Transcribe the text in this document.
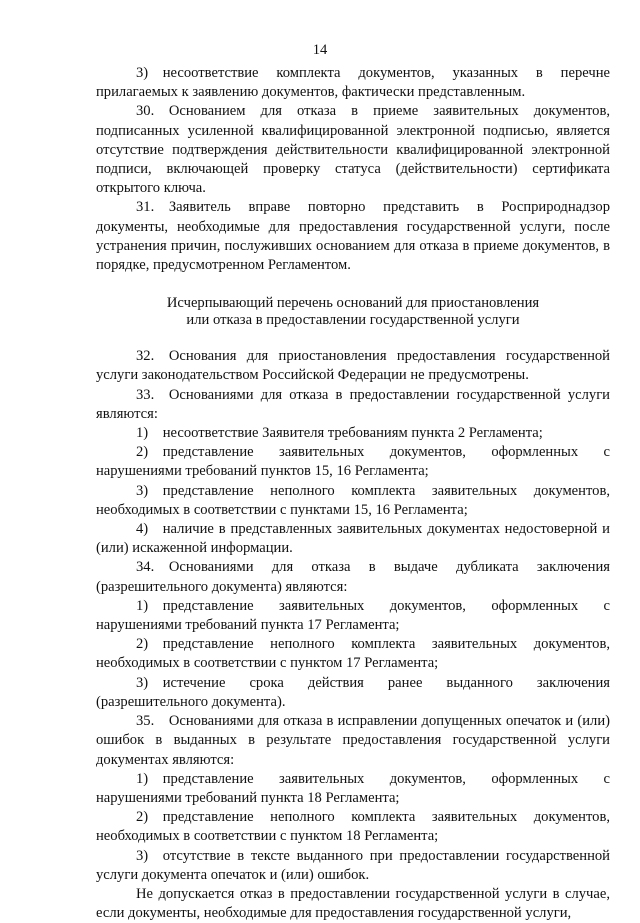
14

3) несоответствие комплекта документов, указанных в перечне прилагаемых к заявлению документов, фактически представленным.

30. Основанием для отказа в приеме заявительных документов, подписанных усиленной квалифицированной электронной подписью, является отсутствие подтверждения действительности квалифицированной электронной подписи, включающей проверку статуса (действительности) сертификата открытого ключа.

31. Заявитель вправе повторно представить в Росприроднадзор документы, необходимые для предоставления государственной услуги, после устранения причин, послуживших основанием для отказа в приеме документов, в порядке, предусмотренном Регламентом.

Исчерпывающий перечень оснований для приостановления
или отказа в предоставлении государственной услуги

32. Основания для приостановления предоставления государственной услуги законодательством Российской Федерации не предусмотрены.

33. Основаниями для отказа в предоставлении государственной услуги являются:

1) несоответствие Заявителя требованиям пункта 2 Регламента;

2) представление заявительных документов, оформленных с нарушениями требований пунктов 15, 16 Регламента;

3) представление неполного комплекта заявительных документов, необходимых в соответствии с пунктами 15, 16 Регламента;

4) наличие в представленных заявительных документах недостоверной и (или) искаженной информации.

34. Основаниями для отказа в выдаче дубликата заключения (разрешительного документа) являются:

1) представление заявительных документов, оформленных с нарушениями требований пункта 17 Регламента;

2) представление неполного комплекта заявительных документов, необходимых в соответствии с пунктом 17 Регламента;

3) истечение срока действия ранее выданного заключения (разрешительного документа).

35. Основаниями для отказа в исправлении допущенных опечаток и (или) ошибок в выданных в результате предоставления государственной услуги документах являются:

1) представление заявительных документов, оформленных с нарушениями требований пункта 18 Регламента;

2) представление неполного комплекта заявительных документов, необходимых в соответствии с пунктом 18 Регламента;

3) отсутствие в тексте выданного при предоставлении государственной услуги документа опечаток и (или) ошибок.

Не допускается отказ в предоставлении государственной услуги в случае, если документы, необходимые для предоставления государственной услуги,
